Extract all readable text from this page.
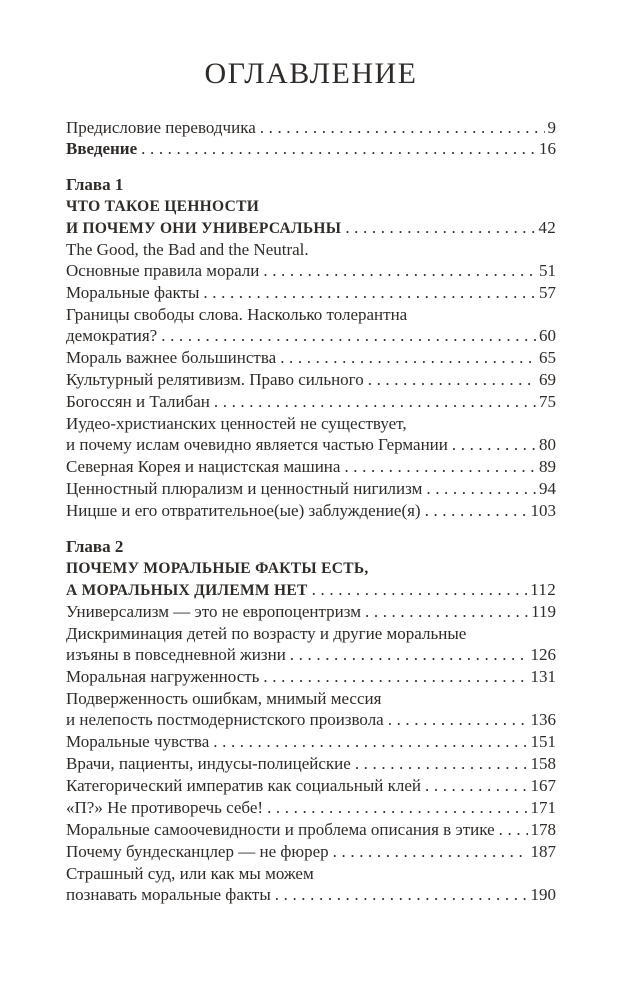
ОГЛАВЛЕНИЕ
Предисловие переводчика .....	9
Введение .....	16
Глава 1
ЧТО ТАКОЕ ЦЕННОСТИ
И ПОЧЕМУ ОНИ УНИВЕРСАЛЬНЫ .....	42
The Good, the Bad and the Neutral.
Основные правила морали .....	51
Моральные факты .....	57
Границы свободы слова. Насколько толерантна
демократия? .....	60
Мораль важнее большинства .....	65
Культурный релятивизм. Право сильного .....	69
Богоссян и Талибан .....	75
Иудео-христианских ценностей не существует,
и почему ислам очевидно является частью Германии .....	80
Северная Корея и нацистская машина .....	89
Ценностный плюрализм и ценностный нигилизм .....	94
Ницше и его отвратительное(ые) заблуждение(я) .....	103
Глава 2
ПОЧЕМУ МОРАЛЬНЫЕ ФАКТЫ ЕСТЬ,
А МОРАЛЬНЫХ ДИЛЕММ НЕТ .....	112
Универсализм — это не европоцентризм .....	119
Дискриминация детей по возрасту и другие моральные
изъяны в повседневной жизни .....	126
Моральная нагруженность .....	131
Подверженность ошибкам, мнимый мессия
и нелепость постмодернистского произвола .....	136
Моральные чувства .....	151
Врачи, пациенты, индусы-полицейские .....	158
Категорический императив как социальный клей .....	167
«П?» Не противоречь себе! .....	171
Моральные самоочевидности и проблема описания в этике ..... 178
Почему бундесканцлер — не фюрер .....	187
Страшный суд, или как мы можем
познавать моральные факты .....	190
